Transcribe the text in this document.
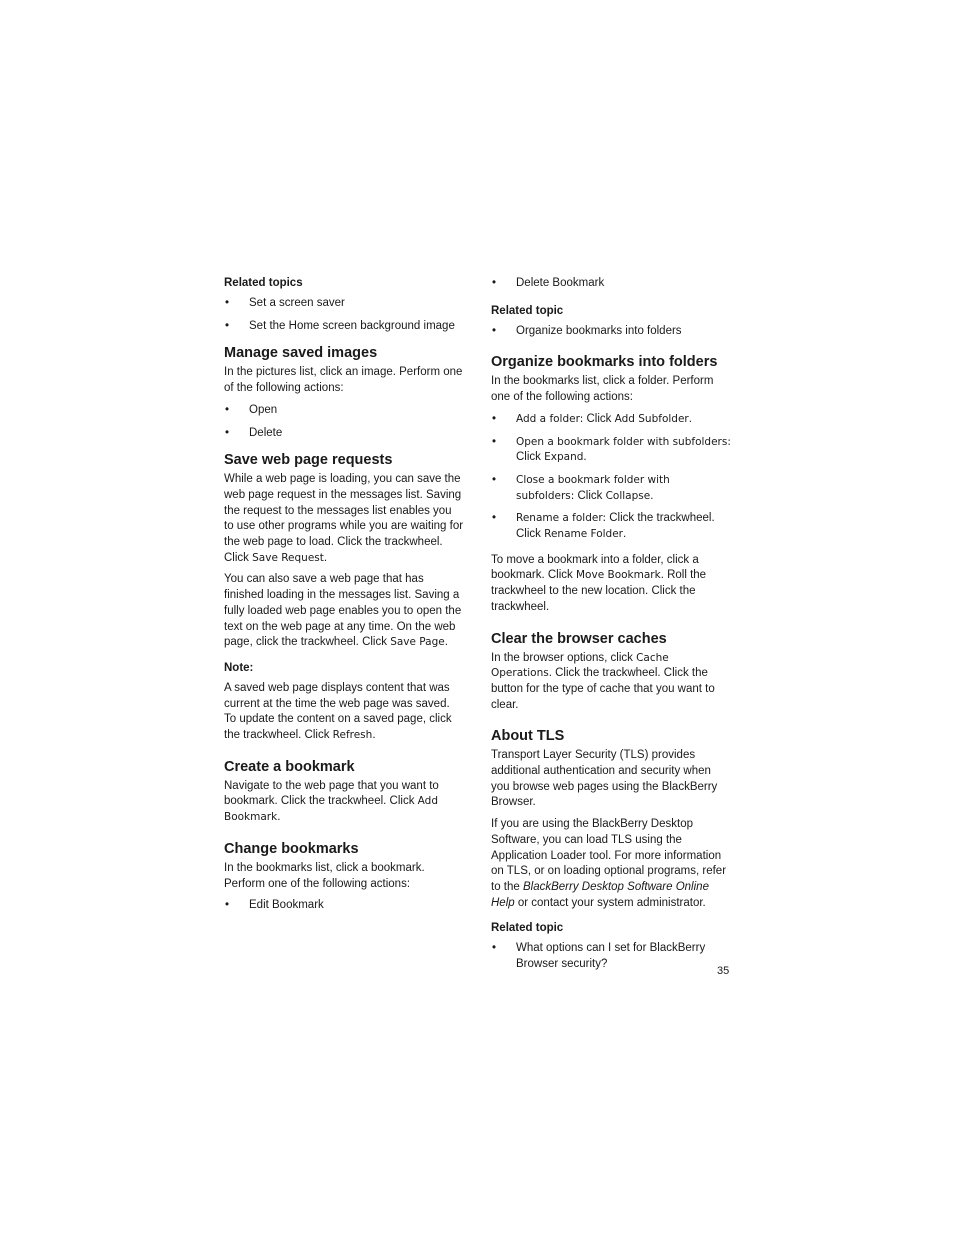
Related topics
• Set a screen saver
• Set the Home screen background image
Manage saved images

In the pictures list, click an image. Perform one of the following actions:

• Open
• Delete
Save web page requests

While a web page is loading, you can save the web page request in the messages list. Saving the request to the messages list enables you to use other programs while you are waiting for the web page to load. Click the trackwheel. Click Save Request.

You can also save a web page that has finished loading in the messages list. Saving a fully loaded web page enables you to open the text on the web page at any time. On the web page, click the trackwheel. Click Save Page.

Note:

A saved web page displays content that was current at the time the web page was saved. To update the content on a saved page, click the trackwheel. Click Refresh.

Create a bookmark

Navigate to the web page that you want to bookmark. Click the trackwheel. Click Add Bookmark.

Change bookmarks

In the bookmarks list, click a bookmark. Perform one of the following actions:

• Edit Bookmark
• Delete Bookmark
Related topic
• Organize bookmarks into folders
Organize bookmarks into folders

In the bookmarks list, click a folder. Perform one of the following actions:

• Add a folder: Click Add Subfolder.
• Open a bookmark folder with subfolders: Click Expand.
• Close a bookmark folder with subfolders: Click Collapse.
• Rename a folder: Click the trackwheel. Click Rename Folder.

To move a bookmark into a folder, click a bookmark. Click Move Bookmark. Roll the trackwheel to the new location. Click the trackwheel.

Clear the browser caches

In the browser options, click Cache Operations. Click the trackwheel. Click the button for the type of cache that you want to clear.

About TLS

Transport Layer Security (TLS) provides additional authentication and security when you browse web pages using the BlackBerry Browser.

If you are using the BlackBerry Desktop Software, you can load TLS using the Application Loader tool. For more information on TLS, or on loading optional programs, refer to the BlackBerry Desktop Software Online Help or contact your system administrator.

Related topic
• What options can I set for BlackBerry Browser security?
35
